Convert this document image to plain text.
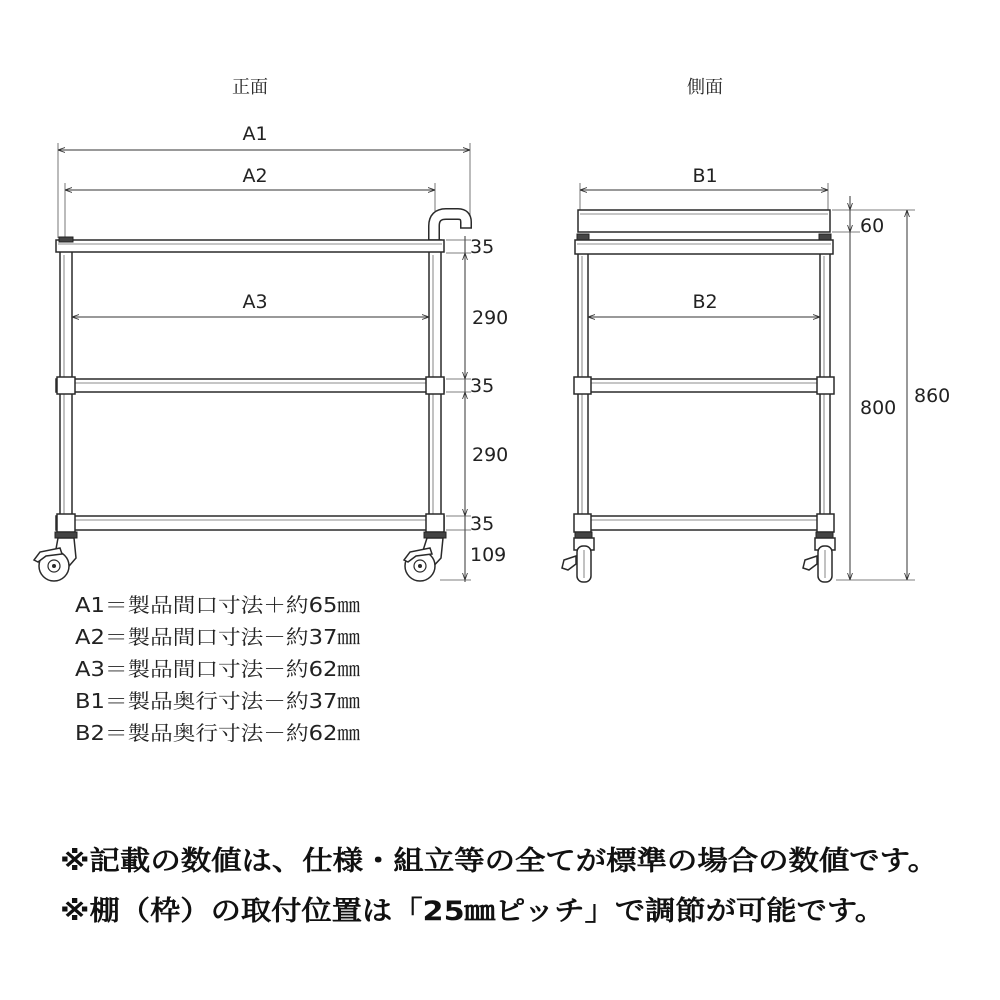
正面
A1
A2
A3
35
290
35
290
35
109
側面
B1
B2
60
800
860
A1＝製品間口寸法＋約65㎜
A2＝製品間口寸法－約37㎜
A3＝製品間口寸法－約62㎜
B1＝製品奥行寸法－約37㎜
B2＝製品奥行寸法－約62㎜
※記載の数値は、仕様・組立等の全てが標準の場合の数値です。
※棚（枠）の取付位置は「25㎜ピッチ」で調節が可能です。
